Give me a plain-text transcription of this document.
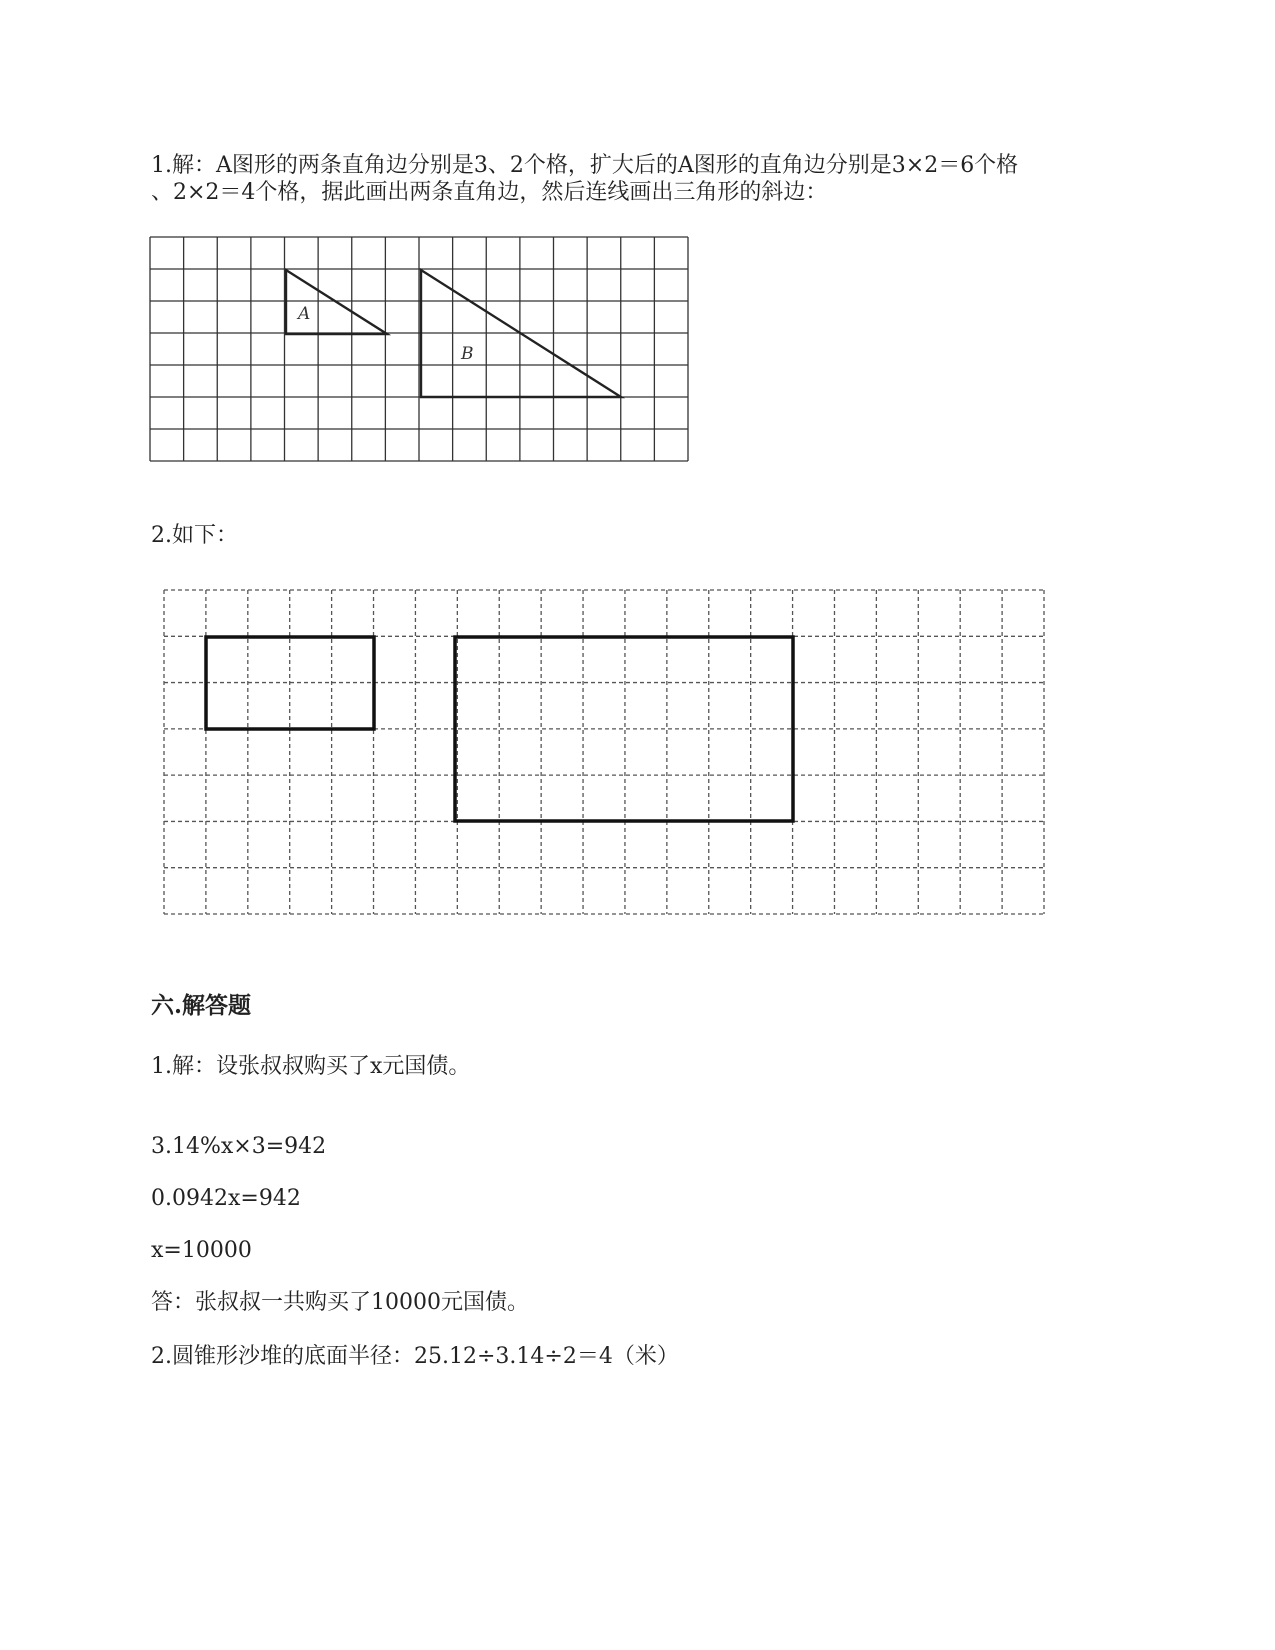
1.解：A图形的两条直角边分别是3、2个格，扩大后的A图形的直角边分别是3×2＝6个格
、2×2＝4个格，据此画出两条直角边，然后连线画出三角形的斜边：
A
B
2.如下：
六.解答题
1.解：设张叔叔购买了x元国债。
3.14%x×3=942
0.0942x=942
x=10000
答：张叔叔一共购买了10000元国债。
2.圆锥形沙堆的底面半径：25.12÷3.14÷2＝4（米）
